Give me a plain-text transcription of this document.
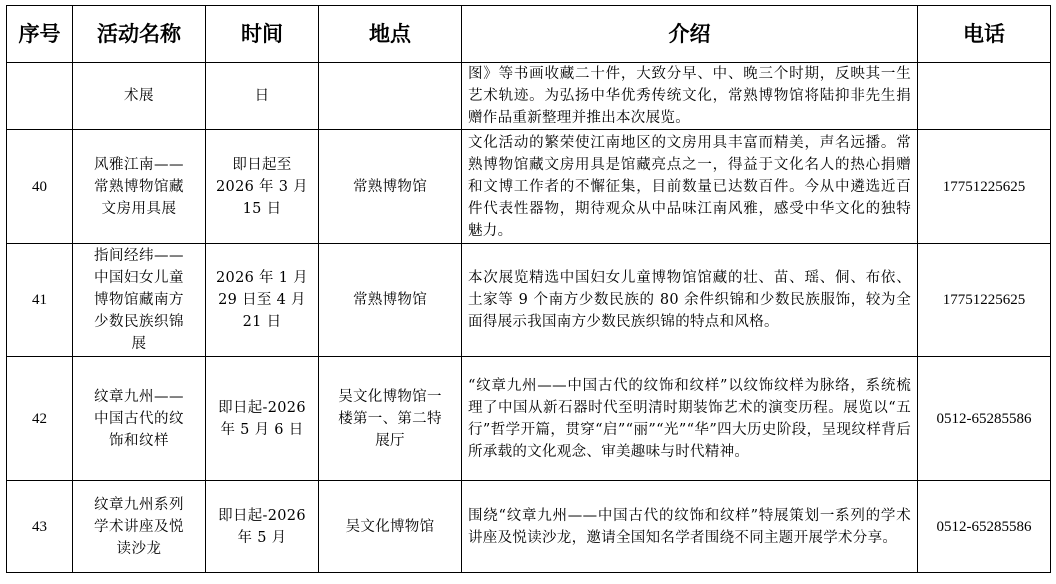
序号	活动名称	时间	地点	介绍	电话

	术展	日		图》等书画收藏二十件，大致分早、中、晚三个时期，反映其一生艺术轨迹。为弘扬中华优秀传统文化，常熟博物馆将陆抑非先生捐赠作品重新整理并推出本次展览。	
40	风雅江南——
常熟博物馆藏
文房用具展	即日起至
2026 年 3 月
15 日	常熟博物馆	文化活动的繁荣使江南地区的文房用具丰富而精美，声名远播。常熟博物馆藏文房用具是馆藏亮点之一，得益于文化名人的热心捐赠和文博工作者的不懈征集，目前数量已达数百件。今从中遴选近百件代表性器物，期待观众从中品味江南风雅，感受中华文化的独特魅力。	17751225625
41	指间经纬——
中国妇女儿童
博物馆藏南方
少数民族织锦
展	2026 年 1 月
29 日至 4 月
21 日	常熟博物馆	本次展览精选中国妇女儿童博物馆馆藏的壮、苗、瑶、侗、布依、土家等 9 个南方少数民族的 80 余件织锦和少数民族服饰，较为全面得展示我国南方少数民族织锦的特点和风格。	17751225625
42	纹章九州——
中国古代的纹
饰和纹样	即日起-2026
年 5 月 6 日	吴文化博物馆一
楼第一、第二特
展厅	“纹章九州——中国古代的纹饰和纹样”以纹饰纹样为脉络，系统梳理了中国从新石器时代至明清时期装饰艺术的演变历程。展览以“五行”哲学开篇，贯穿“启”“丽”“光”“华”四大历史阶段，呈现纹样背后所承载的文化观念、审美趣味与时代精神。	0512-65285586
43	纹章九州系列
学术讲座及悦
读沙龙	即日起-2026
年 5 月	吴文化博物馆	围绕“纹章九州——中国古代的纹饰和纹样”特展策划一系列的学术讲座及悦读沙龙，邀请全国知名学者围绕不同主题开展学术分享。	0512-65285586
